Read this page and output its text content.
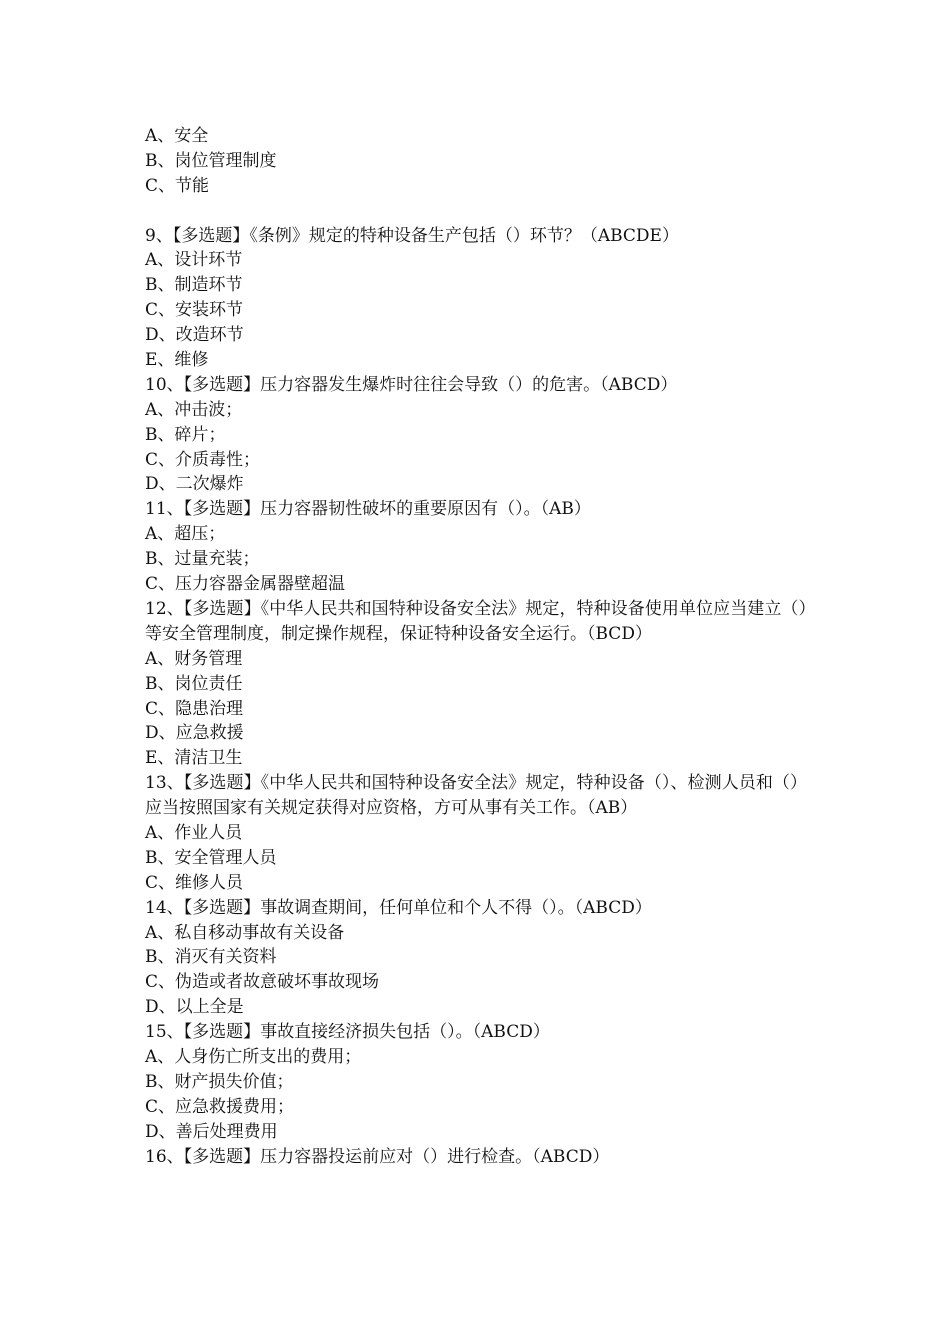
A、安全
B、岗位管理制度
C、节能
9、【多选题】《条例》规定的特种设备生产包括（）环节？（ABCDE）
A、设计环节
B、制造环节
C、安装环节
D、改造环节
E、维修
10、【多选题】压力容器发生爆炸时往往会导致（）的危害。（ABCD）
A、冲击波；
B、碎片；
C、介质毒性；
D、二次爆炸
11、【多选题】压力容器韧性破坏的重要原因有（）。（AB）
A、超压；
B、过量充装；
C、压力容器金属器壁超温
12、【多选题】《中华人民共和国特种设备安全法》规定，特种设备使用单位应当建立（）等安全管理制度，制定操作规程，保证特种设备安全运行。（BCD）
A、财务管理
B、岗位责任
C、隐患治理
D、应急救援
E、清洁卫生
13、【多选题】《中华人民共和国特种设备安全法》规定，特种设备（）、检测人员和（）应当按照国家有关规定获得对应资格，方可从事有关工作。（AB）
A、作业人员
B、安全管理人员
C、维修人员
14、【多选题】事故调查期间，任何单位和个人不得（）。（ABCD）
A、私自移动事故有关设备
B、消灭有关资料
C、伪造或者故意破坏事故现场
D、以上全是
15、【多选题】事故直接经济损失包括（）。（ABCD）
A、人身伤亡所支出的费用；
B、财产损失价值；
C、应急救援费用；
D、善后处理费用
16、【多选题】压力容器投运前应对（）进行检查。（ABCD）
